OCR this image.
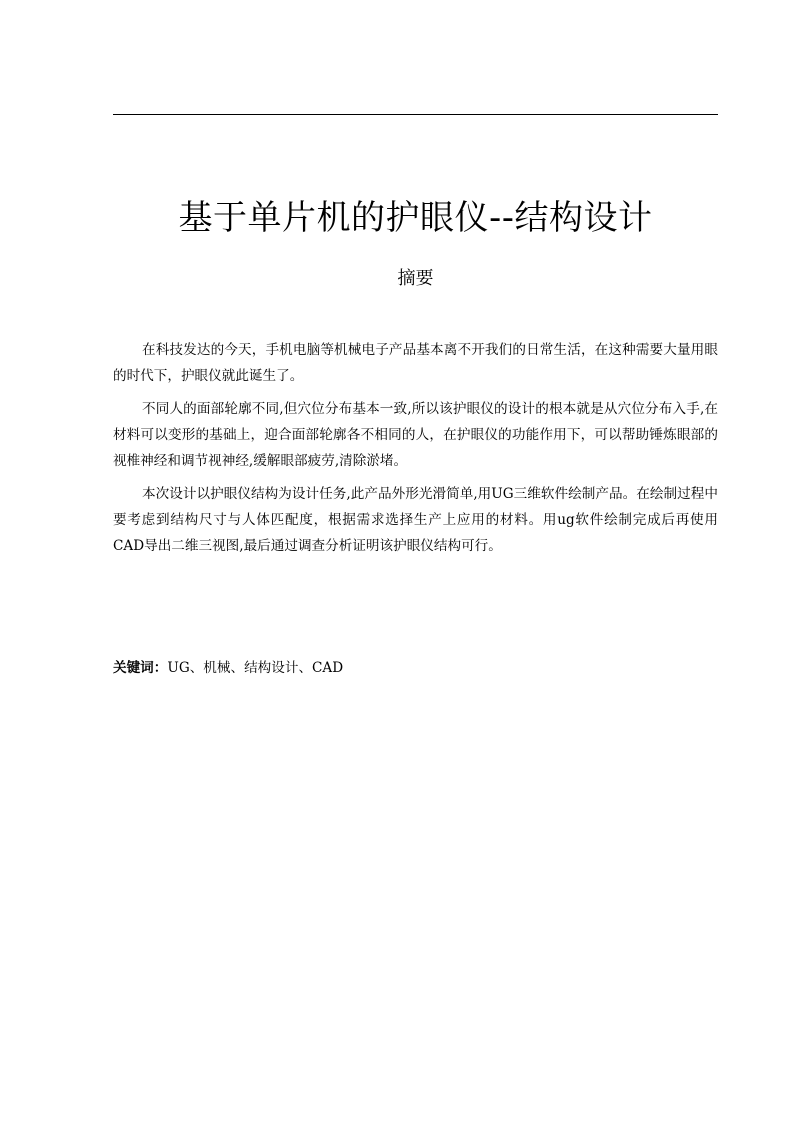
基于单片机的护眼仪--结构设计
摘要

在科技发达的今天，手机电脑等机械电子产品基本离不开我们的日常生活，在这种需要大量用眼的时代下，护眼仪就此诞生了。

不同人的面部轮廓不同,但穴位分布基本一致,所以该护眼仪的设计的根本就是从穴位分布入手,在材料可以变形的基础上，迎合面部轮廓各不相同的人，在护眼仪的功能作用下，可以帮助锤炼眼部的视椎神经和调节视神经,缓解眼部疲劳,清除淤堵。

本次设计以护眼仪结构为设计任务,此产品外形光滑简单,用UG三维软件绘制产品。在绘制过程中要考虑到结构尺寸与人体匹配度，根据需求选择生产上应用的材料。用ug软件绘制完成后再使用CAD导出二维三视图,最后通过调查分析证明该护眼仪结构可行。

关键词：UG、机械、结构设计、CAD
